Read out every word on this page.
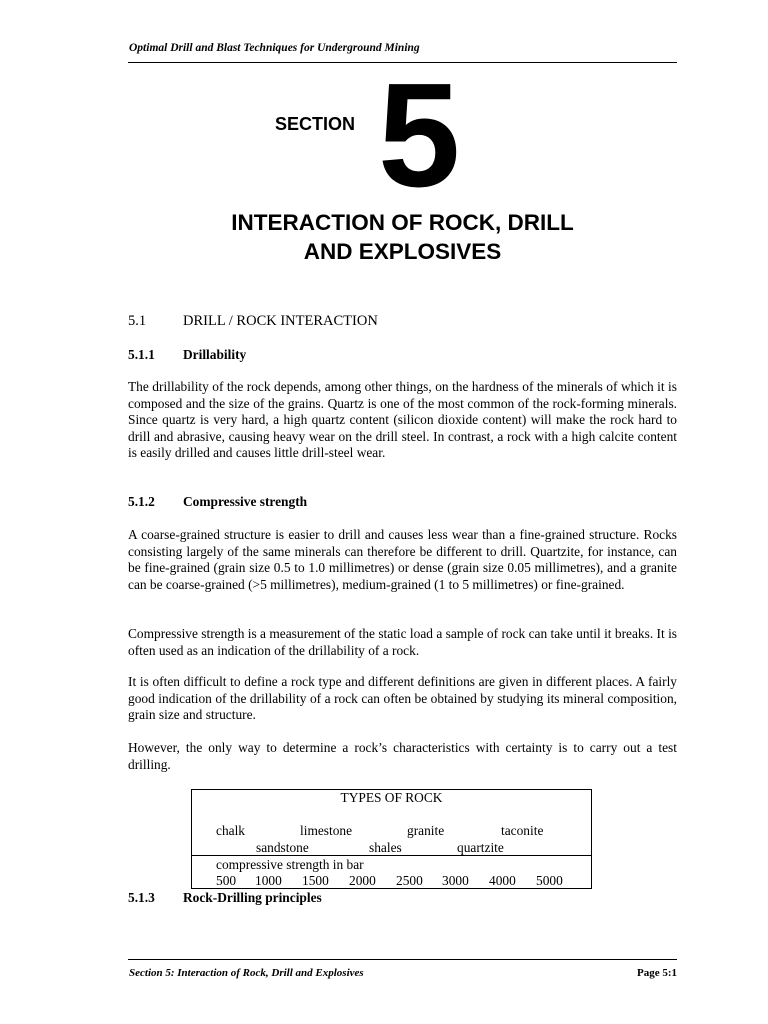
Optimal Drill and Blast Techniques for Underground Mining
SECTION 5
INTERACTION OF ROCK, DRILL
AND EXPLOSIVES
5.1	DRILL / ROCK INTERACTION
5.1.1 Drillability

The drillability of the rock depends, among other things, on the hardness of the minerals of which it is composed and the size of the grains. Quartz is one of the most common of the rock-forming minerals. Since quartz is very hard, a high quartz content (silicon dioxide content) will make the rock hard to drill and abrasive, causing heavy wear on the drill steel. In contrast, a rock with a high calcite content is easily drilled and causes little drill-steel wear.

5.1.2 Compressive strength

A coarse-grained structure is easier to drill and causes less wear than a fine-grained structure. Rocks consisting largely of the same minerals can therefore be different to drill. Quartzite, for instance, can be fine-grained (grain size 0.5 to 1.0 millimetres) or dense (grain size 0.05 millimetres), and a granite can be coarse-grained (>5 millimetres), medium-grained (1 to 5 millimetres) or fine-grained.

Compressive strength is a measurement of the static load a sample of rock can take until it breaks. It is often used as an indication of the drillability of a rock.

It is often difficult to define a rock type and different definitions are given in different places. A fairly good indication of the drillability of a rock can often be obtained by studying its mineral composition, grain size and structure.

However, the only way to determine a rock’s characteristics with certainty is to carry out a test drilling.

TYPES OF ROCK
chalk	limestone	granite	taconite
sandstone	shales	quartzite
compressive strength in bar
500 1000 1500 2000 2500 3000 4000 5000
5.1.3 Rock-Drilling principles
Section 5: Interaction of Rock, Drill and Explosives	Page 5:1
